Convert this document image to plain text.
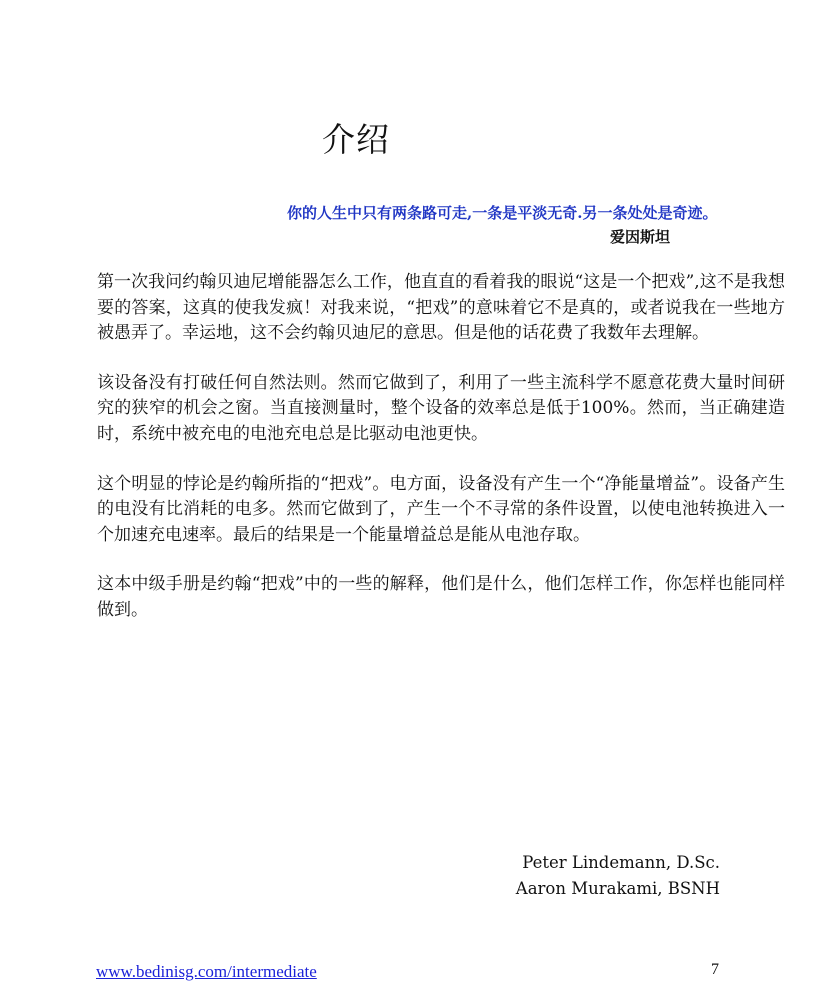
介绍
你的人生中只有两条路可走,一条是平淡无奇.另一条处处是奇迹。
爱因斯坦

第一次我问约翰贝迪尼增能器怎么工作，他直直的看着我的眼说“这是一个把戏”,这不是我想要的答案，这真的使我发疯！对我来说，“把戏”的意味着它不是真的，或者说我在一些地方被愚弄了。幸运地，这不会约翰贝迪尼的意思。但是他的话花费了我数年去理解。

该设备没有打破任何自然法则。然而它做到了，利用了一些主流科学不愿意花费大量时间研究的狭窄的机会之窗。当直接测量时，整个设备的效率总是低于100%。然而，当正确建造时，系统中被充电的电池充电总是比驱动电池更快。

这个明显的悖论是约翰所指的“把戏”。电方面，设备没有产生一个“净能量增益”。设备产生的电没有比消耗的电多。然而它做到了，产生一个不寻常的条件设置，以使电池转换进入一个加速充电速率。最后的结果是一个能量增益总是能从电池存取。

这本中级手册是约翰“把戏”中的一些的解释，他们是什么，他们怎样工作，你怎样也能同样做到。

Peter Lindemann, D.Sc.
Aaron Murakami, BSNH
www.bedinisg.com/intermediate	7
